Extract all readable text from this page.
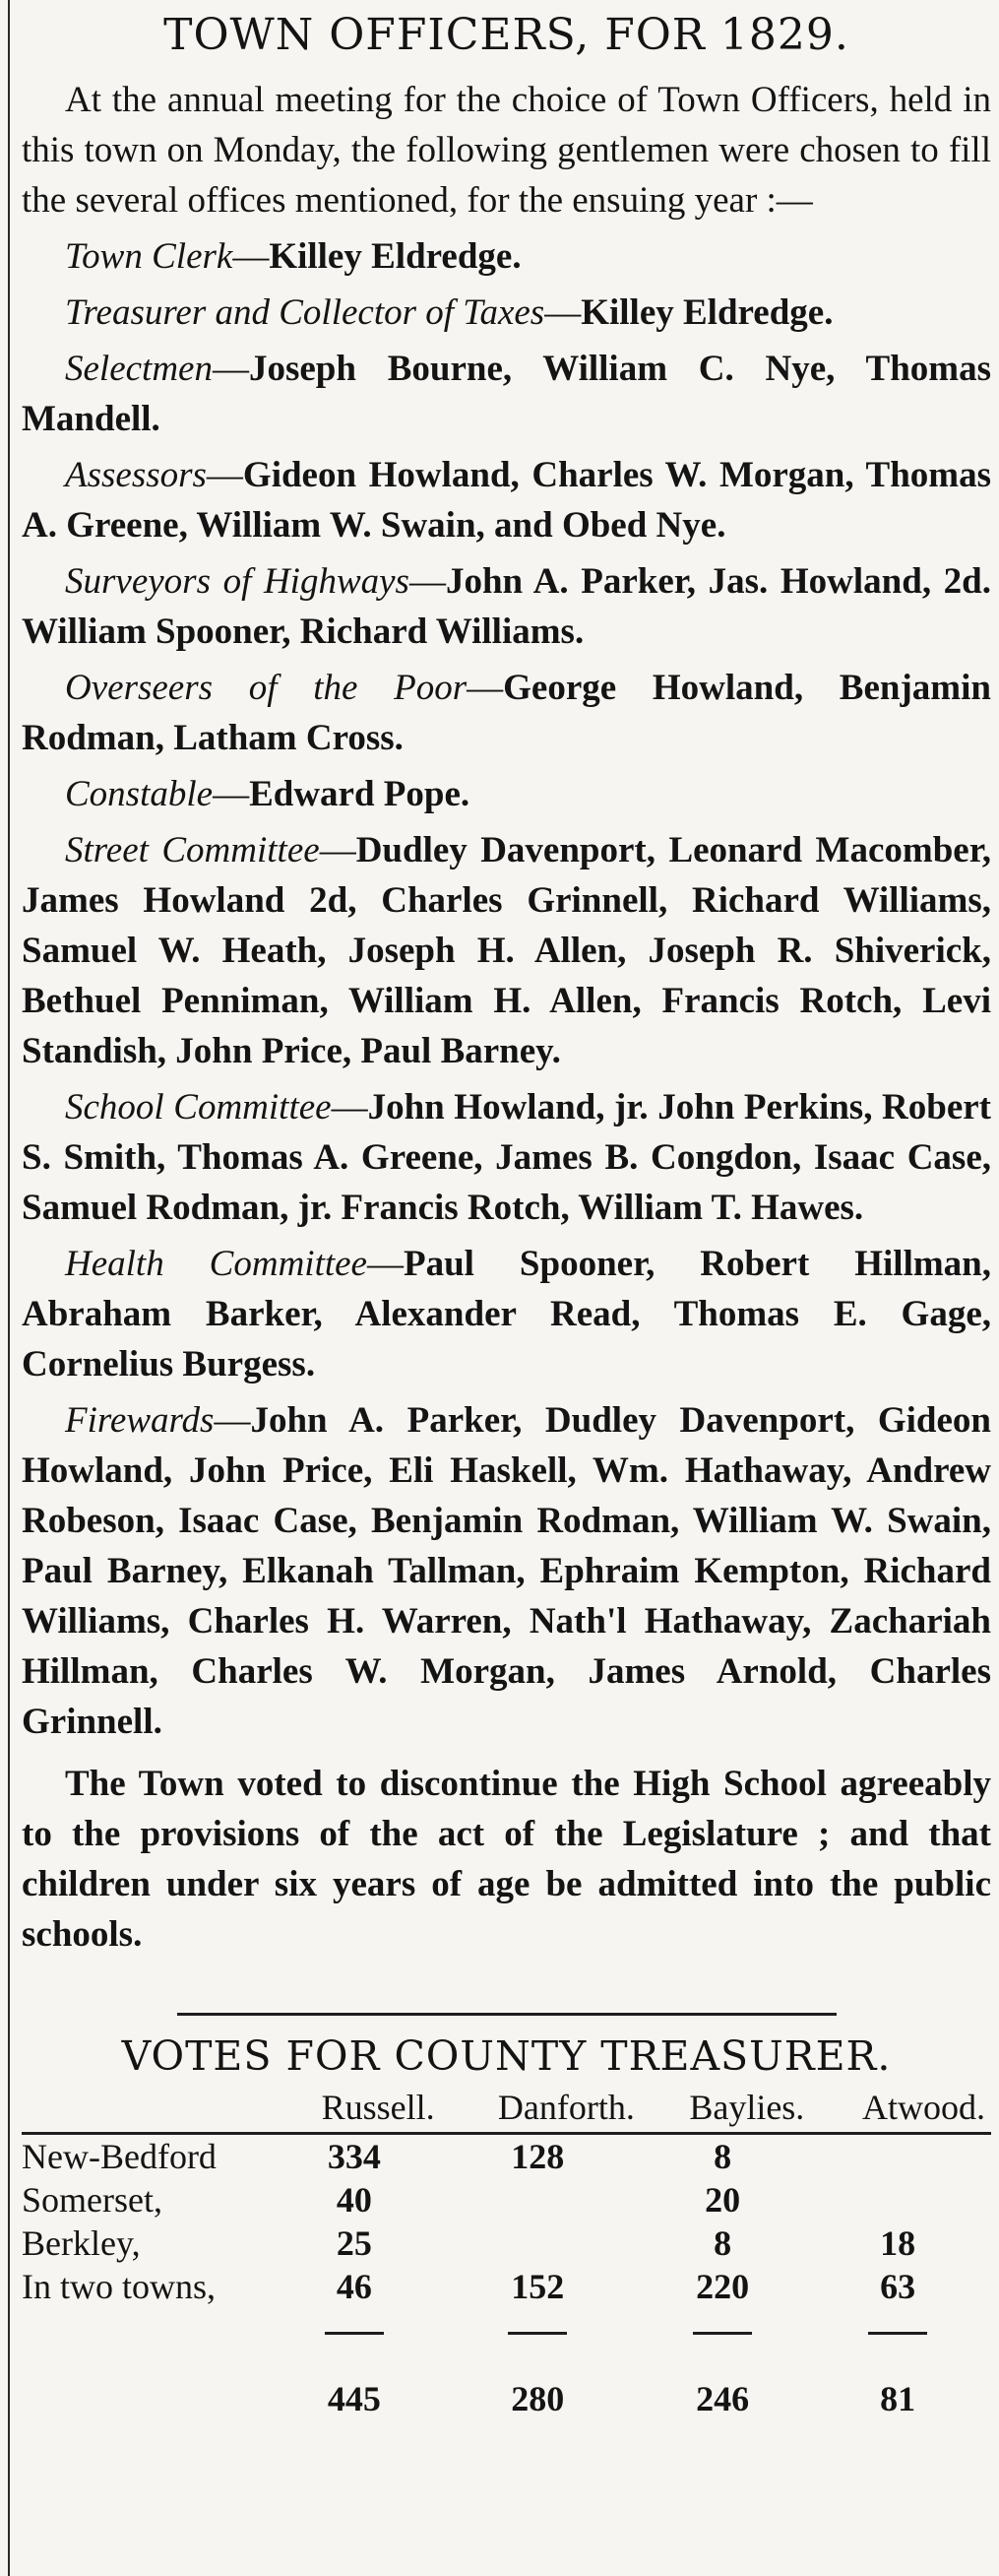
TOWN OFFICERS, FOR 1829.

At the annual meeting for the choice of Town Officers, held in this town on Monday, the following gentlemen were chosen to fill the several offices mentioned, for the ensuing year :—

Town Clerk—Killey Eldredge.

Treasurer and Collector of Taxes—Killey Eldredge.

Selectmen—Joseph Bourne, William C. Nye, Thomas Mandell.

Assessors—Gideon Howland, Charles W. Morgan, Thomas A. Greene, William W. Swain, and Obed Nye.

Surveyors of Highways—John A. Parker, Jas. Howland, 2d. William Spooner, Richard Williams.

Overseers of the Poor—George Howland, Benjamin Rodman, Latham Cross.

Constable—Edward Pope.

Street Committee—Dudley Davenport, Leonard Macomber, James Howland 2d, Charles Grinnell, Richard Williams, Samuel W. Heath, Joseph H. Allen, Joseph R. Shiverick, Bethuel Penniman, William H. Allen, Francis Rotch, Levi Standish, John Price, Paul Barney.

School Committee—John Howland, jr. John Perkins, Robert S. Smith, Thomas A. Greene, James B. Congdon, Isaac Case, Samuel Rodman, jr. Francis Rotch, William T. Hawes.

Health Committee—Paul Spooner, Robert Hillman, Abraham Barker, Alexander Read, Thomas E. Gage, Cornelius Burgess.

Firewards—John A. Parker, Dudley Davenport, Gideon Howland, John Price, Eli Haskell, Wm. Hathaway, Andrew Robeson, Isaac Case, Benjamin Rodman, William W. Swain, Paul Barney, Elkanah Tallman, Ephraim Kempton, Richard Williams, Charles H. Warren, Nath'l Hathaway, Zachariah Hillman, Charles W. Morgan, James Arnold, Charles Grinnell.

The Town voted to discontinue the High School agreeably to the provisions of the act of the Legislature ; and that children under six years of age be admitted into the public schools.

VOTES FOR COUNTY TREASURER.
	Russell.	Danforth.	Baylies.	Atwood.
New-Bedford	334	128	8	
Somerset,	40		20	
Berkley,	25		8	18
In two towns,	46	152	220	63

	445	280	246	81
